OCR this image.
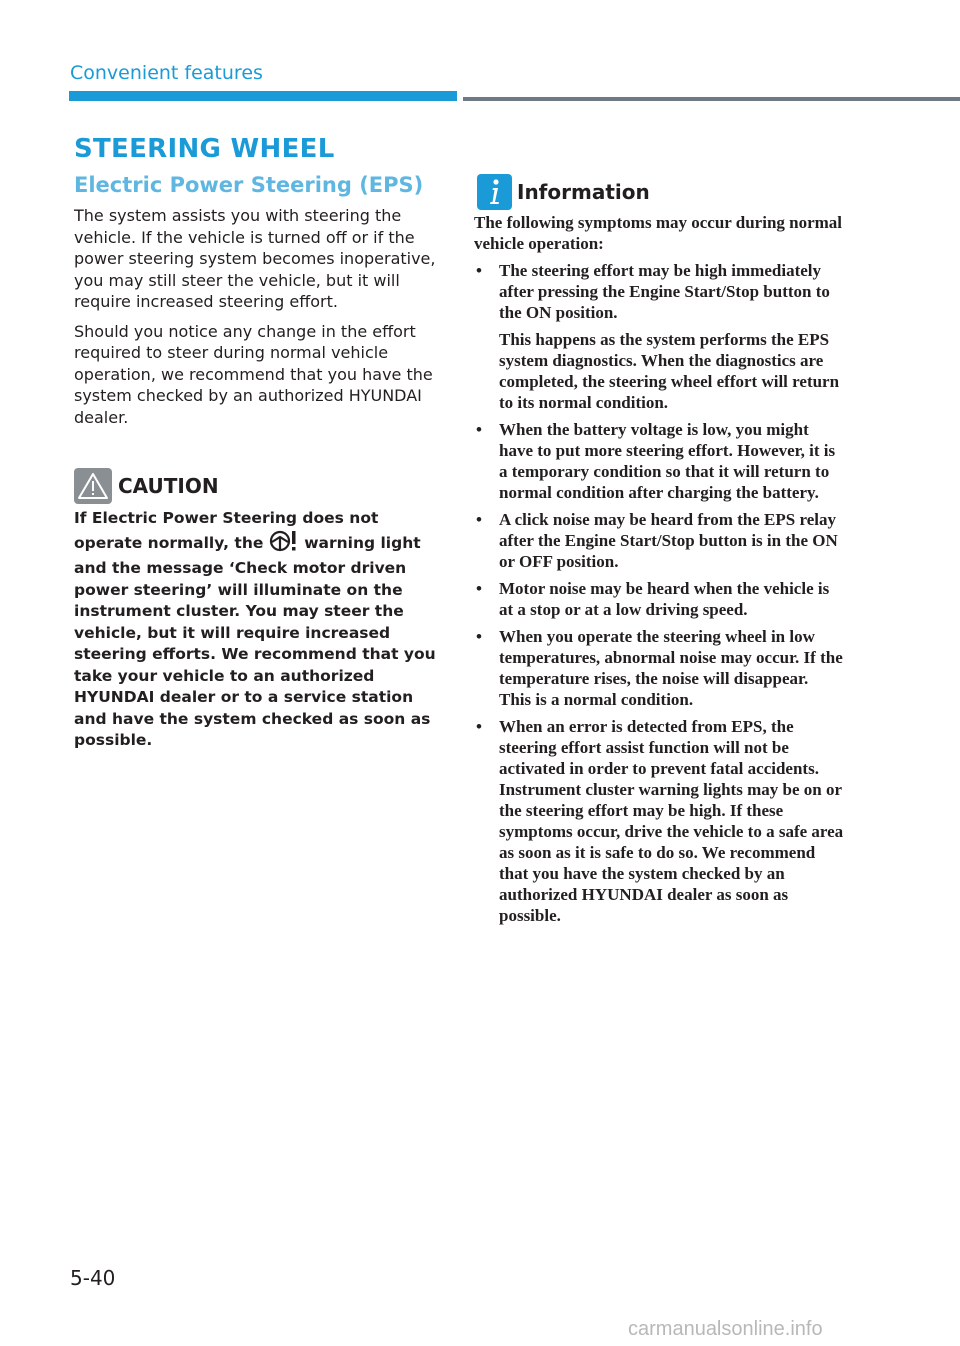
Convenient features
STEERING WHEEL
Electric Power Steering (EPS)

The system assists you with steering the vehicle. If the vehicle is turned off or if the power steering system becomes inoperative, you may still steer the vehicle, but it will require increased steering effort.

Should you notice any change in the effort required to steer during normal vehicle operation, we recommend that you have the system checked by an authorized HYUNDAI dealer.

CAUTION

If Electric Power Steering does not operate normally, the  warning light and the message ‘Check motor driven power steering’ will illuminate on the instrument cluster. You may steer the vehicle, but it will require increased steering efforts. We recommend that you take your vehicle to an authorized HYUNDAI dealer or to a service station and have the system checked as soon as possible.

Information

The following symptoms may occur during normal vehicle operation:

• The steering effort may be high immediately after pressing the Engine Start/Stop button to the ON position.

This happens as the system performs the EPS system diagnostics. When the diagnostics are completed, the steering wheel effort will return to its normal condition.

• When the battery voltage is low, you might have to put more steering effort. However, it is a temporary condition so that it will return to normal condition after charging the battery.

• A click noise may be heard from the EPS relay after the Engine Start/Stop button is in the ON or OFF position.

• Motor noise may be heard when the vehicle is at a stop or at a low driving speed.

• When you operate the steering wheel in low temperatures, abnormal noise may occur. If the temperature rises, the noise will disappear. This is a normal condition.

• When an error is detected from EPS, the steering effort assist function will not be activated in order to prevent fatal accidents. Instrument cluster warning lights may be on or the steering effort may be high. If these symptoms occur, drive the vehicle to a safe area as soon as it is safe to do so. We recommend that you have the system checked by an authorized HYUNDAI dealer as soon as possible.

5-40
carmanualsonline.info
